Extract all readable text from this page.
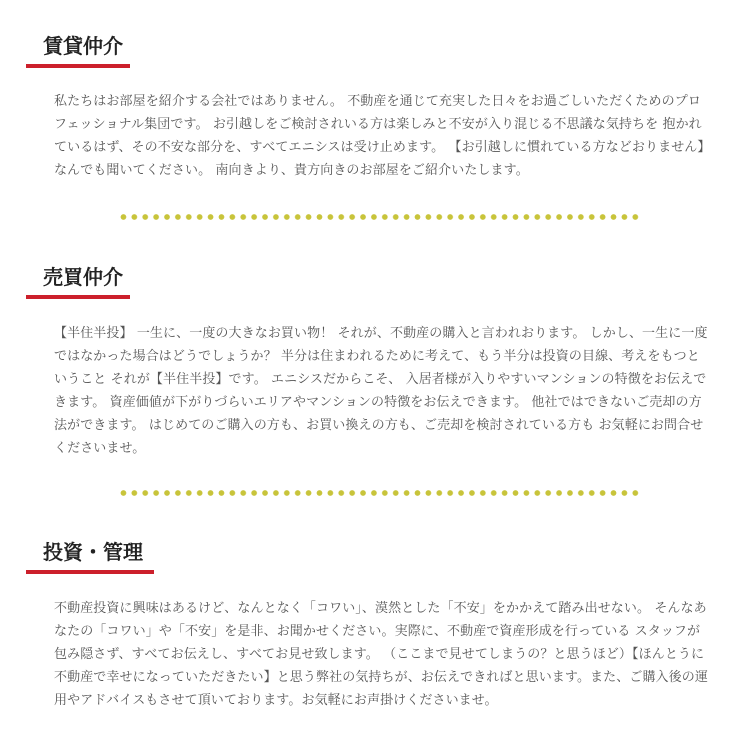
賃貸仲介

私たちはお部屋を紹介する会社ではありません。 不動産を通じて充実した日々をお過ごしいただくためのプロフェッショナル集団です。 お引越しをご検討されいる方は楽しみと不安が入り混じる不思議な気持ちを 抱かれているはず、その不安な部分を、すべてエニシスは受け止めます。 【お引越しに慣れている方などおりません】なんでも聞いてください。 南向きより、貴方向きのお部屋をご紹介いたします。

売買仲介

【半住半投】 一生に、一度の大きなお買い物！ それが、不動産の購入と言われおります。 しかし、一生に一度ではなかった場合はどうでしょうか？ 半分は住まわれるために考えて、もう半分は投資の目線、考えをもつということ それが【半住半投】です。 エニシスだからこそ、 入居者様が入りやすいマンションの特徴をお伝えできます。 資産価値が下がりづらいエリアやマンションの特徴をお伝えできます。 他社ではできないご売却の方法ができます。 はじめてのご購入の方も、お買い換えの方も、ご売却を検討されている方も お気軽にお問合せくださいませ。

投資・管理

不動産投資に興味はあるけど、なんとなく「コワい」、漠然とした「不安」をかかえて踏み出せない。 そんなあなたの「コワい」や「不安」を是非、お聞かせください。実際に、不動産で資産形成を行っている スタッフが包み隠さず、すべてお伝えし、すべてお見せ致します。 （ここまで見せてしまうの？と思うほど）【ほんとうに不動産で幸せになっていただきたい】と思う弊社の気持ちが、お伝えできればと思います。また、ご購入後の運用やアドバイスもさせて頂いております。お気軽にお声掛けくださいませ。
